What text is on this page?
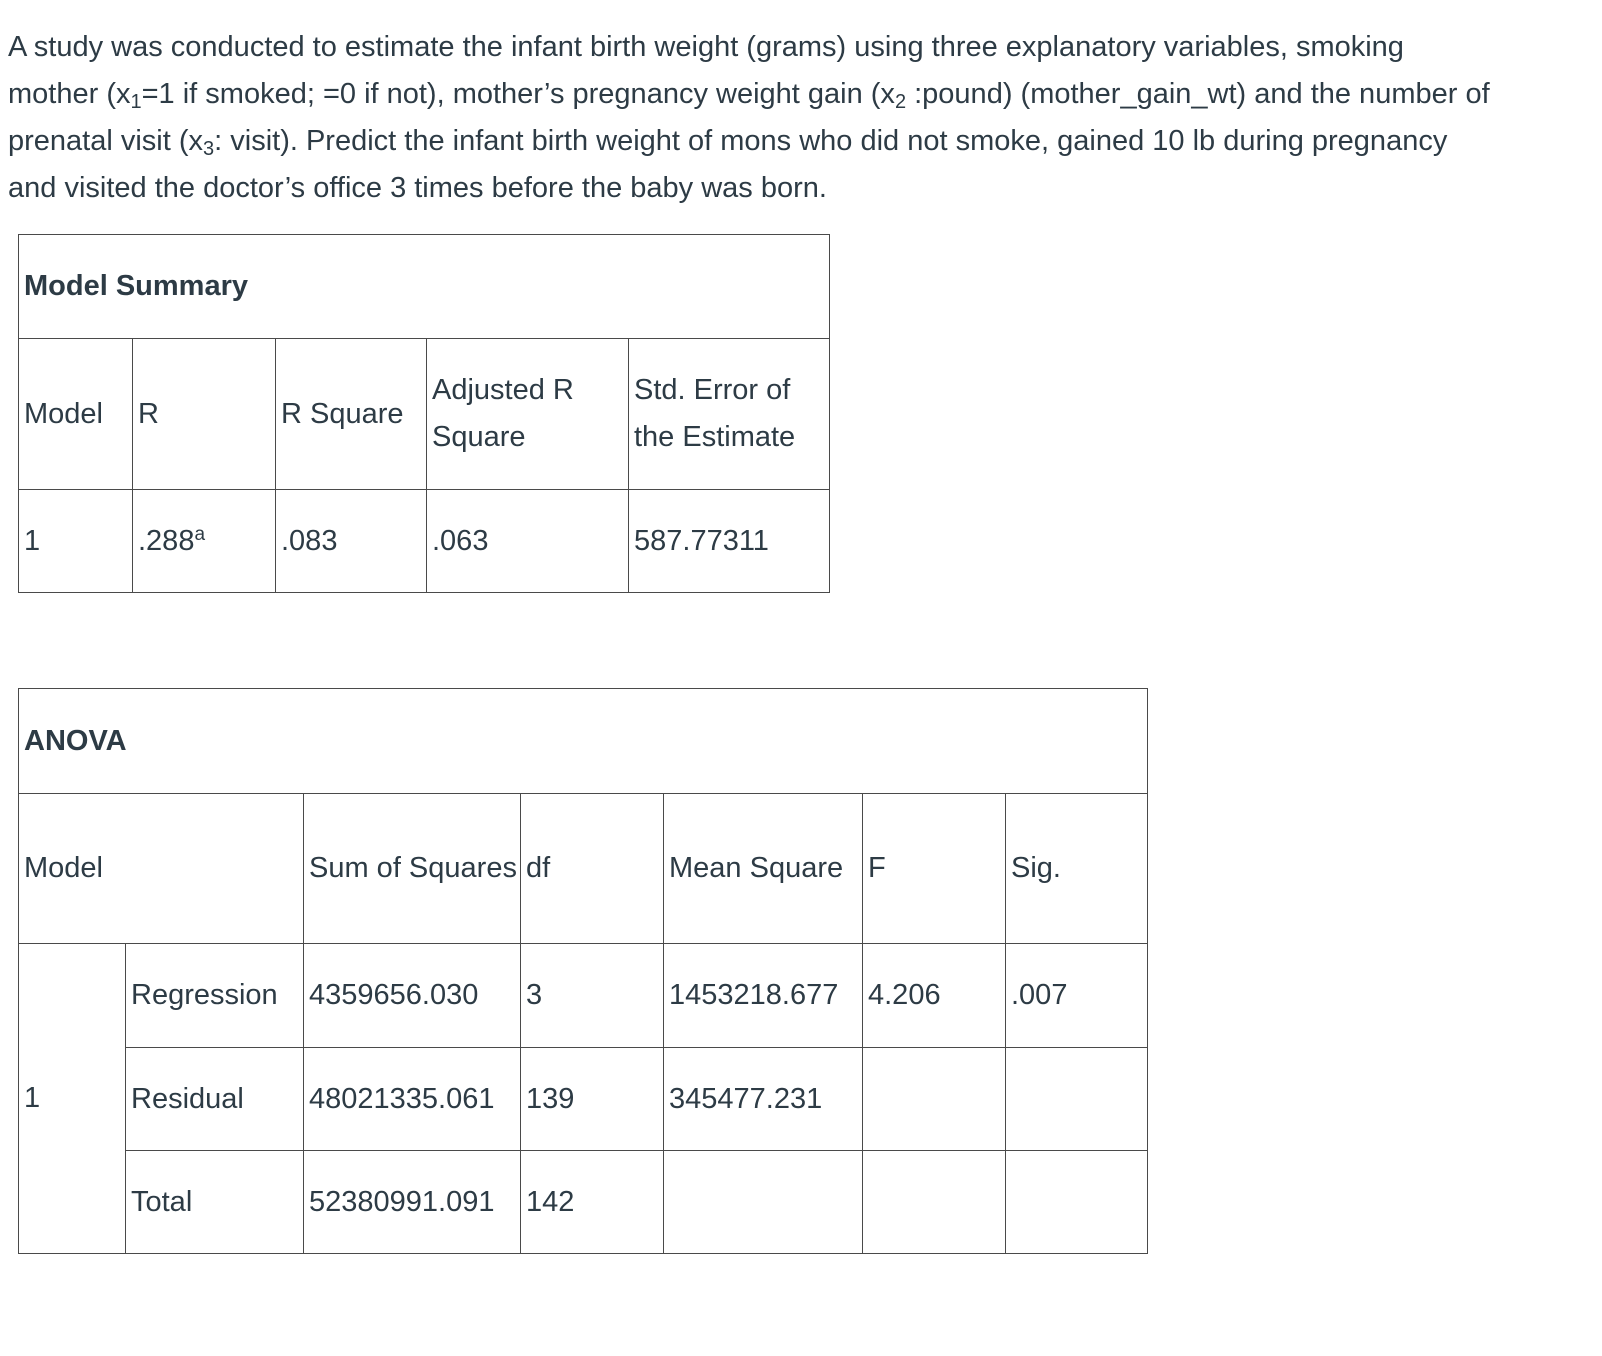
A study was conducted to estimate the infant birth weight (grams) using three explanatory variables, smoking
mother ($x_1=1$ if smoked; =0 if not), mother’s pregnancy weight gain ($x_2$ :pound) (mother_gain_wt) and the number of
prenatal visit ($x_3$: visit). Predict the infant birth weight of mons who did not smoke, gained 10 lb during pregnancy
and visited the doctor’s office 3 times before the baby was born.
Model Summary				
Model	R	R Square	Adjusted R Square	Std. Error of the Estimate
1	.288$^a$	.083	.063	587.77311
ANOVA						
Model		Sum of Squares	df	Mean Square	F	Sig.
1	Regression	4359656.030	3	1453218.677	4.206	.007
	Residual	48021335.061	139	345477.231		
	Total	52380991.091	142			
